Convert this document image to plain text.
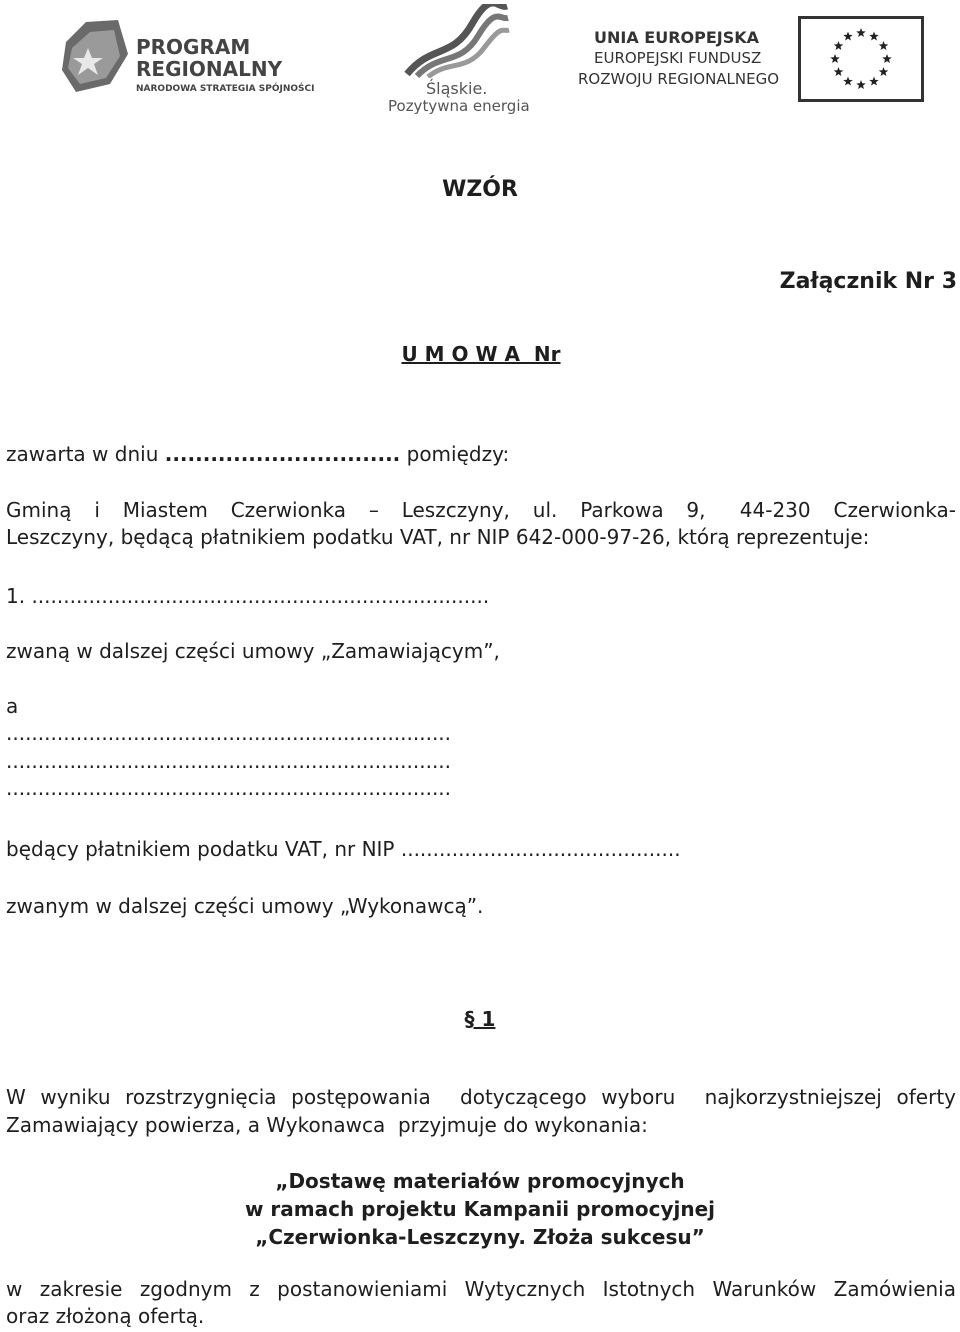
PROGRAM
REGIONALNY
NARODOWA STRATEGIA SPÓJNOŚCI	Śląskie.
Pozytywna energia
UNIA EUROPEJSKA
EUROPEJSKI FUNDUSZ
ROZWOJU REGIONALNEGO
WZÓR
Załącznik Nr 3
U M O W A  Nr
zawarta w dniu ............................... pomiędzy:
Gminą  i  Miastem  Czerwionka  –  Leszczyny,  ul.  Parkowa  9,   44-230  Czerwionka-
Leszczyny, będącą płatnikiem podatku VAT, nr NIP 642-000-97-26, którą reprezentuje:
1. ........................................................................
zwaną w dalszej części umowy „Zamawiającym”,
a
......................................................................
......................................................................
......................................................................
będący płatnikiem podatku VAT, nr NIP ............................................
zwanym w dalszej części umowy „Wykonawcą”.
§ 1
W wyniku rozstrzygnięcia postępowania  dotyczącego wyboru  najkorzystniejszej oferty
Zamawiający powierza, a Wykonawca  przyjmuje do wykonania:
„Dostawę materiałów promocyjnych
w ramach projektu Kampanii promocyjnej
„Czerwionka-Leszczyny. Złoża sukcesu”
w zakresie zgodnym z postanowieniami Wytycznych Istotnych Warunków Zamówienia
oraz złożoną ofertą.
